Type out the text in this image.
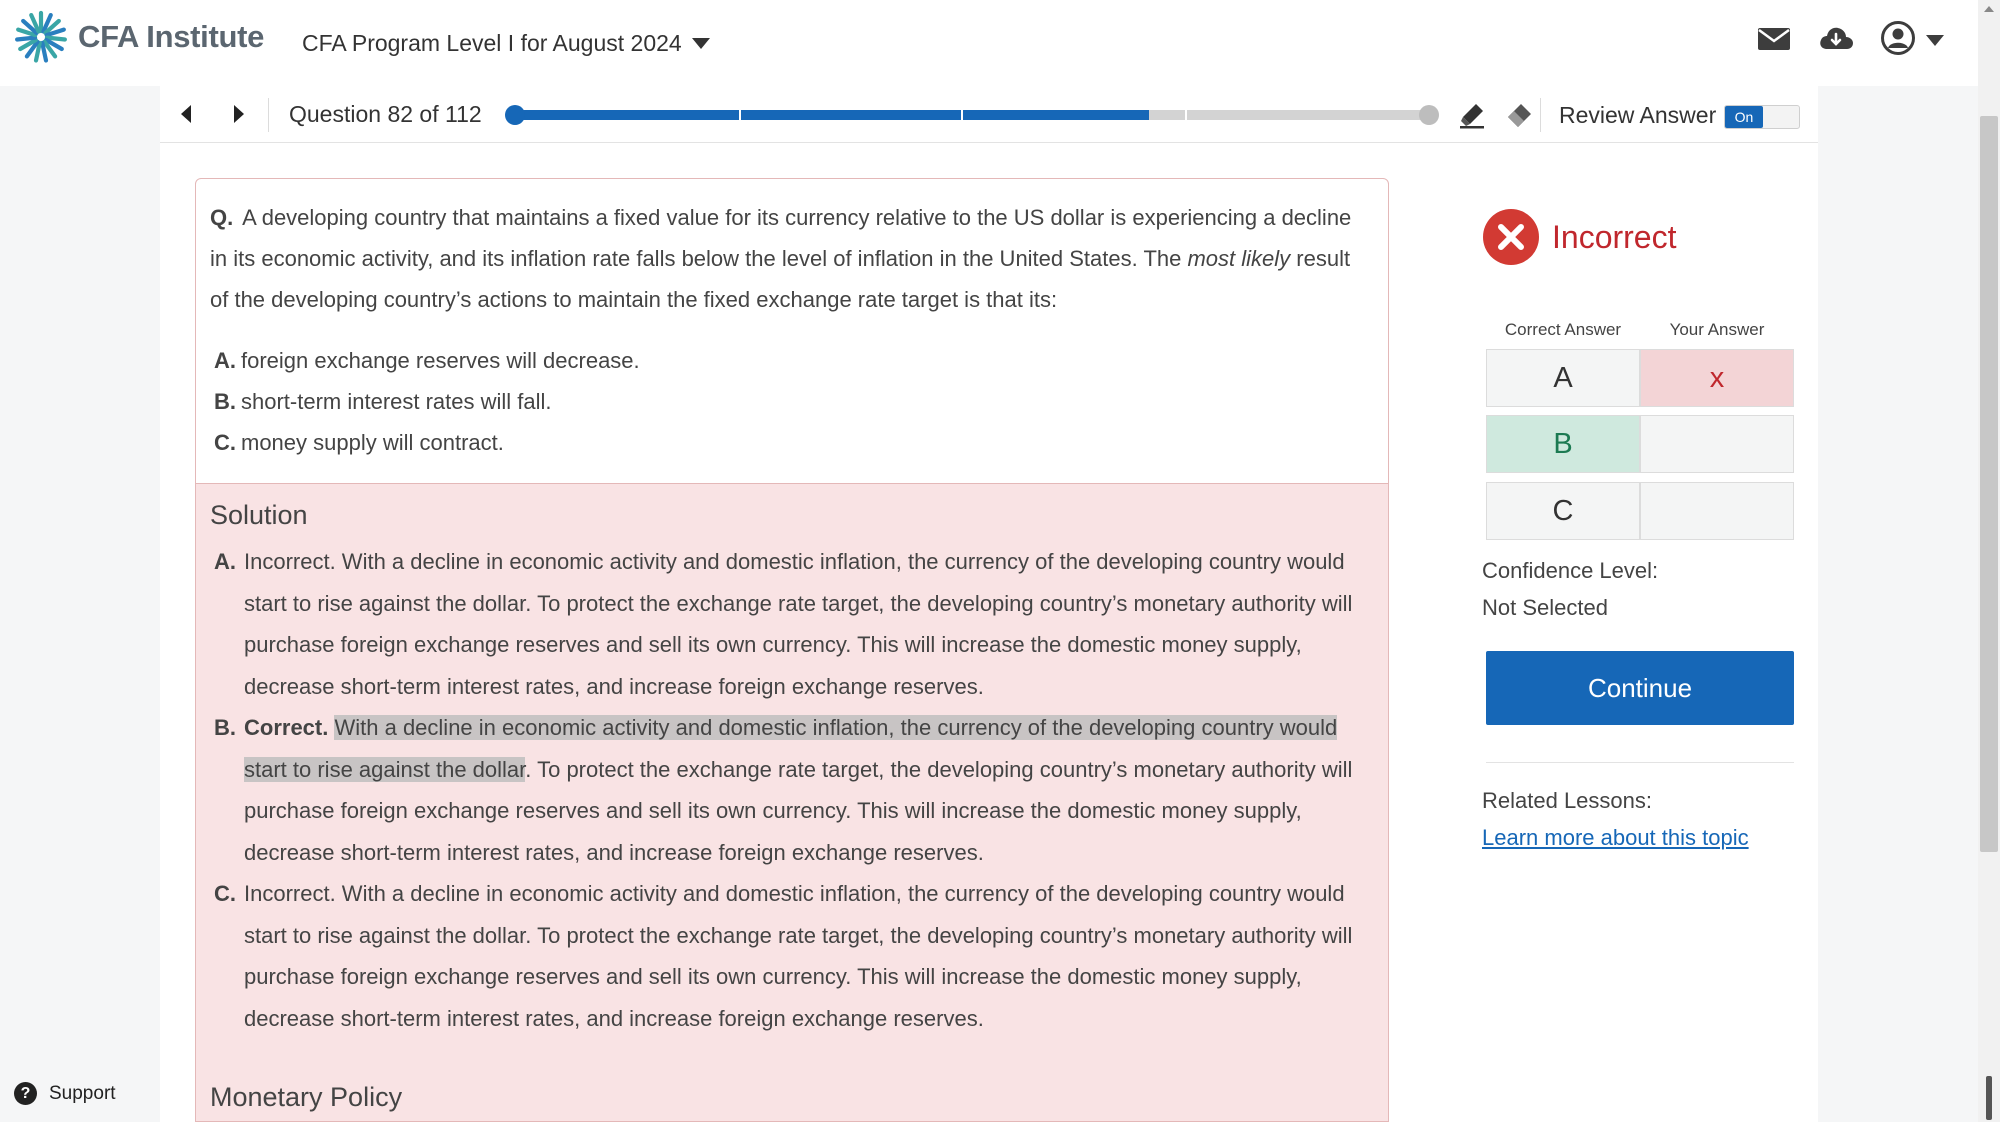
CFA Institute CFA Program Level I for August 2024
Question 82 of 112	Review Answer	On

Q. A developing country that maintains a fixed value for its currency relative to the US dollar is experiencing a decline in its economic activity, and its inflation rate falls below the level of inflation in the United States. The most likely result of the developing country’s actions to maintain the fixed exchange rate target is that its:

A. foreign exchange reserves will decrease.
B. short-term interest rates will fall.
C. money supply will contract.
Solution
A. Incorrect. With a decline in economic activity and domestic inflation, the currency of the developing country would start to rise against the dollar. To protect the exchange rate target, the developing country’s monetary authority will purchase foreign exchange reserves and sell its own currency. This will increase the domestic money supply, decrease short-term interest rates, and increase foreign exchange reserves.
B. Correct. With a decline in economic activity and domestic inflation, the currency of the developing country would start to rise against the dollar. To protect the exchange rate target, the developing country’s monetary authority will purchase foreign exchange reserves and sell its own currency. This will increase the domestic money supply, decrease short-term interest rates, and increase foreign exchange reserves.
C. Incorrect. With a decline in economic activity and domestic inflation, the currency of the developing country would start to rise against the dollar. To protect the exchange rate target, the developing country’s monetary authority will purchase foreign exchange reserves and sell its own currency. This will increase the domestic money supply, decrease short-term interest rates, and increase foreign exchange reserves.
Monetary Policy
Incorrect
Correct Answer	Your Answer
A	x
B
C
Confidence Level:
Not Selected
Continue
Related Lessons:
Learn more about this topic
? Support
